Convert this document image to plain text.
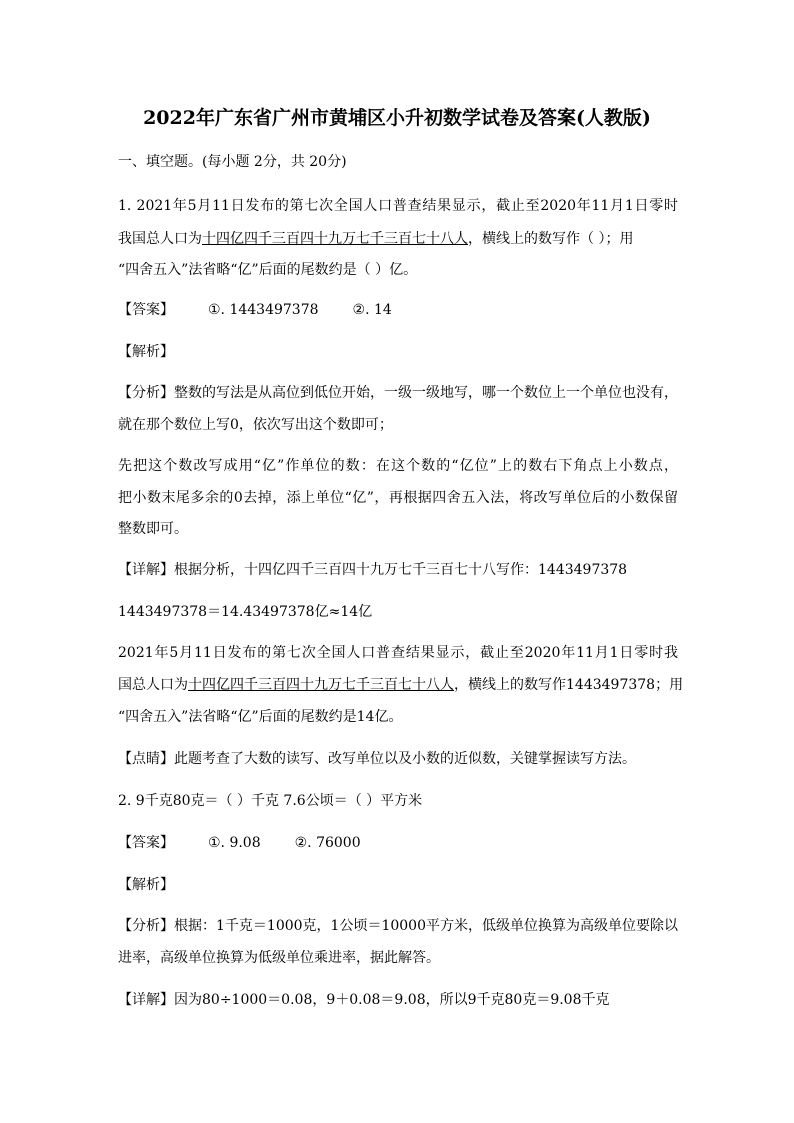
2022年广东省广州市黄埔区小升初数学试卷及答案(人教版)
一、填空题。(每小题 2分，共 20分)
1. 2021年5月11日发布的第七次全国人口普查结果显示，截止至2020年11月1日零时
我国总人口为十四亿四千三百四十九万七千三百七十八人，横线上的数写作（ ）；用
“四舍五入”法省略“亿”后面的尾数约是（ ）亿。
【答案】 ①. 1443497378 ②. 14
【解析】
【分析】整数的写法是从高位到低位开始，一级一级地写，哪一个数位上一个单位也没有，
就在那个数位上写0，依次写出这个数即可；
先把这个数改写成用“亿”作单位的数：在这个数的“亿位”上的数右下角点上小数点，
把小数末尾多余的0去掉，添上单位“亿”，再根据四舍五入法，将改写单位后的小数保留
整数即可。
【详解】根据分析，十四亿四千三百四十九万七千三百七十八写作：1443497378
1443497378＝14.43497378亿≈14亿
2021年5月11日发布的第七次全国人口普查结果显示，截止至2020年11月1日零时我
国总人口为十四亿四千三百四十九万七千三百七十八人，横线上的数写作1443497378；用
“四舍五入”法省略“亿”后面的尾数约是14亿。
【点睛】此题考查了大数的读写、改写单位以及小数的近似数，关键掌握读写方法。
2. 9千克80克＝（ ）千克 7.6公顷＝（ ）平方米
【答案】 ①. 9.08 ②. 76000
【解析】
【分析】根据：1千克＝1000克，1公顷＝10000平方米，低级单位换算为高级单位要除以
进率，高级单位换算为低级单位乘进率，据此解答。
【详解】因为80÷1000＝0.08，9＋0.08＝9.08，所以9千克80克＝9.08千克
